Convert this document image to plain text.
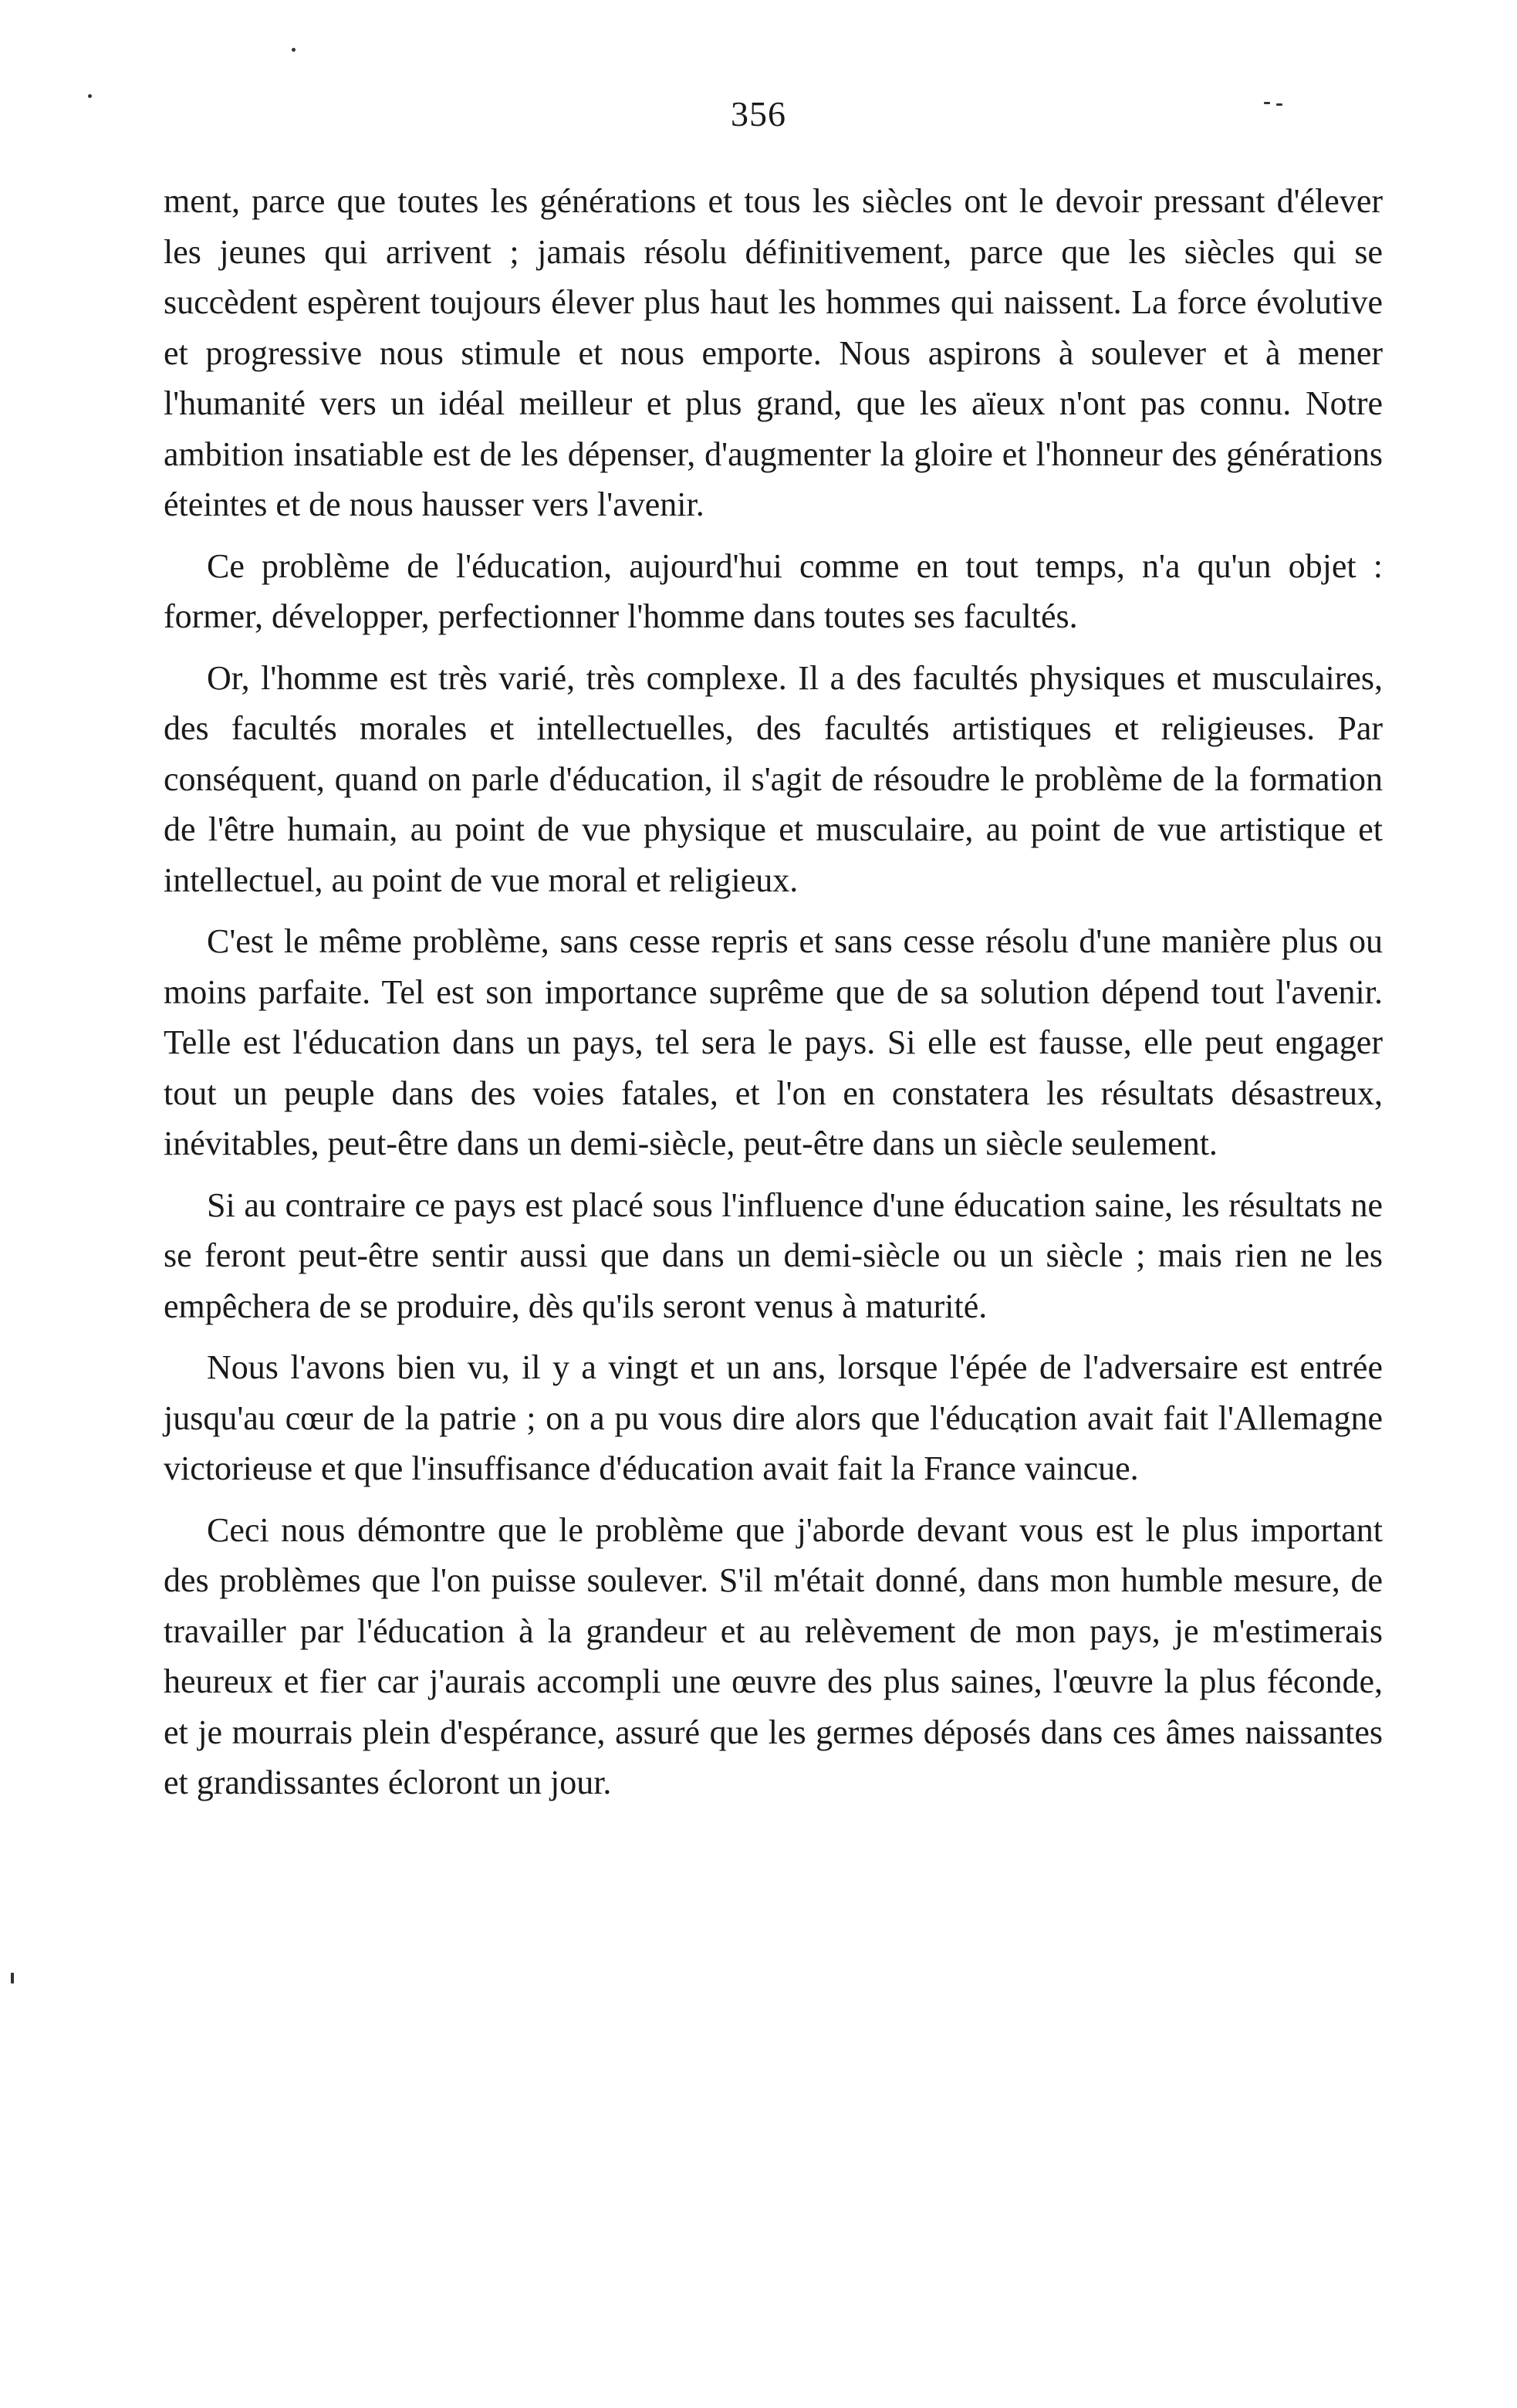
356

ment, parce que toutes les générations et tous les siècles ont le devoir pressant d'élever les jeunes qui arrivent ; jamais résolu définitivement, parce que les siècles qui se succèdent espèrent toujours élever plus haut les hommes qui naissent. La force évolutive et progressive nous stimule et nous emporte. Nous aspirons à soulever et à mener l'humanité vers un idéal meilleur et plus grand, que les aïeux n'ont pas connu. Notre ambition insatiable est de les dépenser, d'augmenter la gloire et l'honneur des générations éteintes et de nous hausser vers l'avenir.

Ce problème de l'éducation, aujourd'hui comme en tout temps, n'a qu'un objet : former, développer, perfectionner l'homme dans toutes ses facultés.

Or, l'homme est très varié, très complexe. Il a des facultés physiques et musculaires, des facultés morales et intellectuelles, des facultés artistiques et religieuses. Par conséquent, quand on parle d'éducation, il s'agit de résoudre le problème de la formation de l'être humain, au point de vue physique et musculaire, au point de vue artistique et intellectuel, au point de vue moral et religieux.

C'est le même problème, sans cesse repris et sans cesse résolu d'une manière plus ou moins parfaite. Tel est son importance suprême que de sa solution dépend tout l'avenir. Telle est l'éducation dans un pays, tel sera le pays. Si elle est fausse, elle peut engager tout un peuple dans des voies fatales, et l'on en constatera les résultats désastreux, inévitables, peut-être dans un demi-siècle, peut-être dans un siècle seulement.

Si au contraire ce pays est placé sous l'influence d'une éducation saine, les résultats ne se feront peut-être sentir aussi que dans un demi-siècle ou un siècle ; mais rien ne les empêchera de se produire, dès qu'ils seront venus à maturité.

Nous l'avons bien vu, il y a vingt et un ans, lorsque l'épée de l'adversaire est entrée jusqu'au cœur de la patrie ; on a pu vous dire alors que l'éducation avait fait l'Allemagne victorieuse et que l'insuffisance d'éducation avait fait la France vaincue.

Ceci nous démontre que le problème que j'aborde devant vous est le plus important des problèmes que l'on puisse soulever. S'il m'était donné, dans mon humble mesure, de travailler par l'éducation à la grandeur et au relèvement de mon pays, je m'estimerais heureux et fier car j'aurais accompli une œuvre des plus saines, l'œuvre la plus féconde, et je mourrais plein d'espérance, assuré que les germes déposés dans ces âmes naissantes et grandissantes écloront un jour.
